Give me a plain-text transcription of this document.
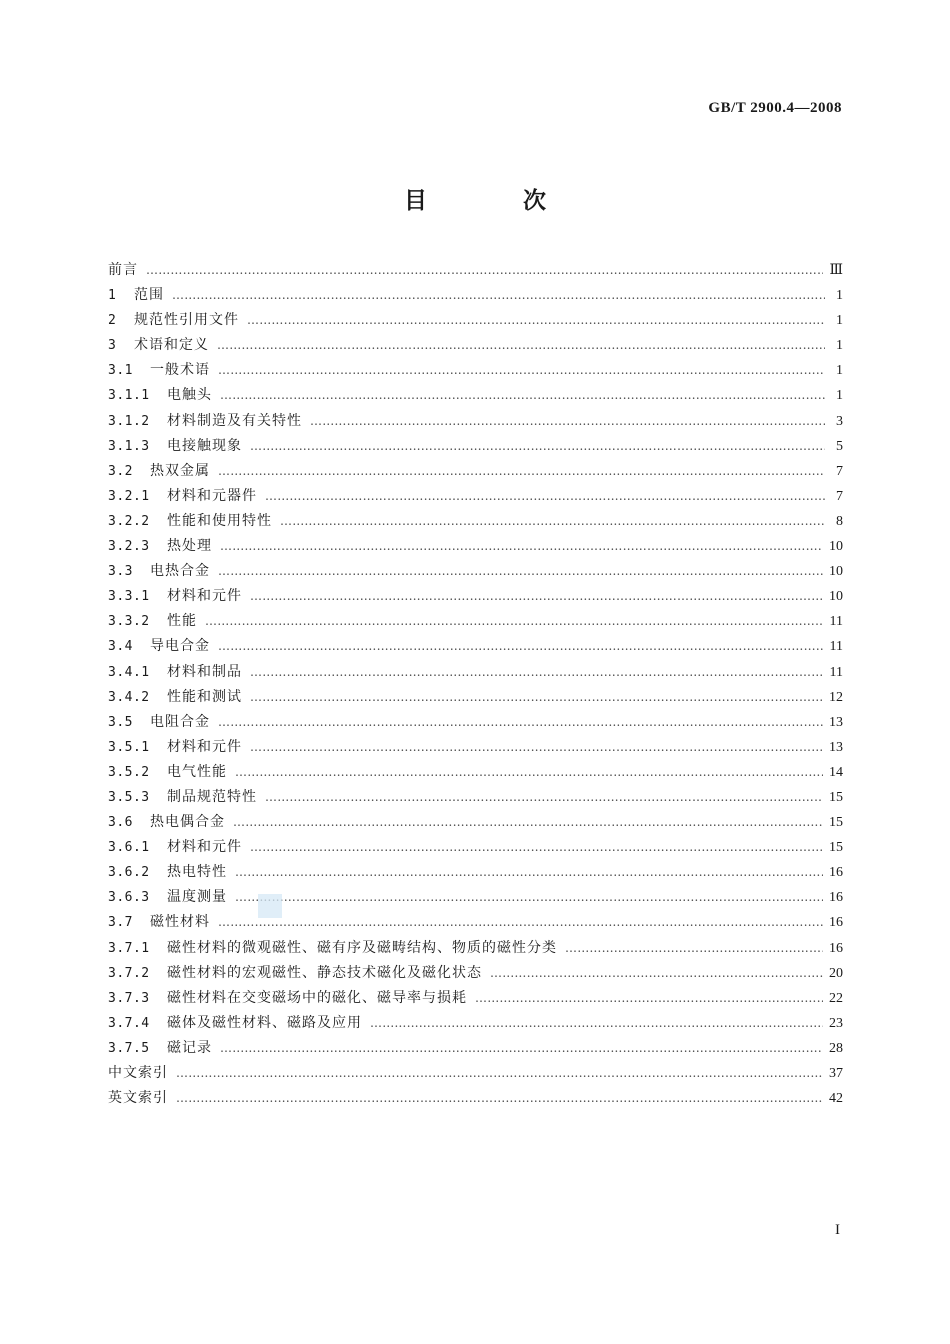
GB/T 2900.4—2008
目 次
前言 ……………………………………………………………………………………………………………………………………………………………………………………………………	Ⅲ
1	范围 ……………………………………………………………………………………………………………………………………………………………………………………………………	1
2	规范性引用文件 ……………………………………………………………………………………………………………………………………………………………………………………………………	1
3	术语和定义 ……………………………………………………………………………………………………………………………………………………………………………………………………	1
3.1	一般术语 ……………………………………………………………………………………………………………………………………………………………………………………………………	1
3.1.1	电触头 ……………………………………………………………………………………………………………………………………………………………………………………………………	1
3.1.2	材料制造及有关特性 ……………………………………………………………………………………………………………………………………………………………………………………………………	3
3.1.3	电接触现象 ……………………………………………………………………………………………………………………………………………………………………………………………………	5
3.2	热双金属 ……………………………………………………………………………………………………………………………………………………………………………………………………	7
3.2.1	材料和元器件 ……………………………………………………………………………………………………………………………………………………………………………………………………	7
3.2.2	性能和使用特性 ……………………………………………………………………………………………………………………………………………………………………………………………………	8
3.2.3	热处理 ……………………………………………………………………………………………………………………………………………………………………………………………………	10
3.3	电热合金 ……………………………………………………………………………………………………………………………………………………………………………………………………	10
3.3.1	材料和元件 ……………………………………………………………………………………………………………………………………………………………………………………………………	10
3.3.2	性能 ……………………………………………………………………………………………………………………………………………………………………………………………………	11
3.4	导电合金 ……………………………………………………………………………………………………………………………………………………………………………………………………	11
3.4.1	材料和制品 ……………………………………………………………………………………………………………………………………………………………………………………………………	11
3.4.2	性能和测试 ……………………………………………………………………………………………………………………………………………………………………………………………………	12
3.5	电阻合金 ……………………………………………………………………………………………………………………………………………………………………………………………………	13
3.5.1	材料和元件 ……………………………………………………………………………………………………………………………………………………………………………………………………	13
3.5.2	电气性能 ……………………………………………………………………………………………………………………………………………………………………………………………………	14
3.5.3	制品规范特性 ……………………………………………………………………………………………………………………………………………………………………………………………………	15
3.6	热电偶合金 ……………………………………………………………………………………………………………………………………………………………………………………………………	15
3.6.1	材料和元件 ……………………………………………………………………………………………………………………………………………………………………………………………………	15
3.6.2	热电特性 ……………………………………………………………………………………………………………………………………………………………………………………………………	16
3.6.3	温度测量 ……………………………………………………………………………………………………………………………………………………………………………………………………	16
3.7	磁性材料 ……………………………………………………………………………………………………………………………………………………………………………………………………	16
3.7.1	磁性材料的微观磁性、磁有序及磁畴结构、物质的磁性分类 ……………………………………………………………………………………………………………………………………………………………………………………………………	16
3.7.2	磁性材料的宏观磁性、静态技术磁化及磁化状态 ……………………………………………………………………………………………………………………………………………………………………………………………………	20
3.7.3	磁性材料在交变磁场中的磁化、磁导率与损耗 ……………………………………………………………………………………………………………………………………………………………………………………………………	22
3.7.4	磁体及磁性材料、磁路及应用 ……………………………………………………………………………………………………………………………………………………………………………………………………	23
3.7.5	磁记录 ……………………………………………………………………………………………………………………………………………………………………………………………………	28
中文索引 ……………………………………………………………………………………………………………………………………………………………………………………………………	37
英文索引 ……………………………………………………………………………………………………………………………………………………………………………………………………	42
I
